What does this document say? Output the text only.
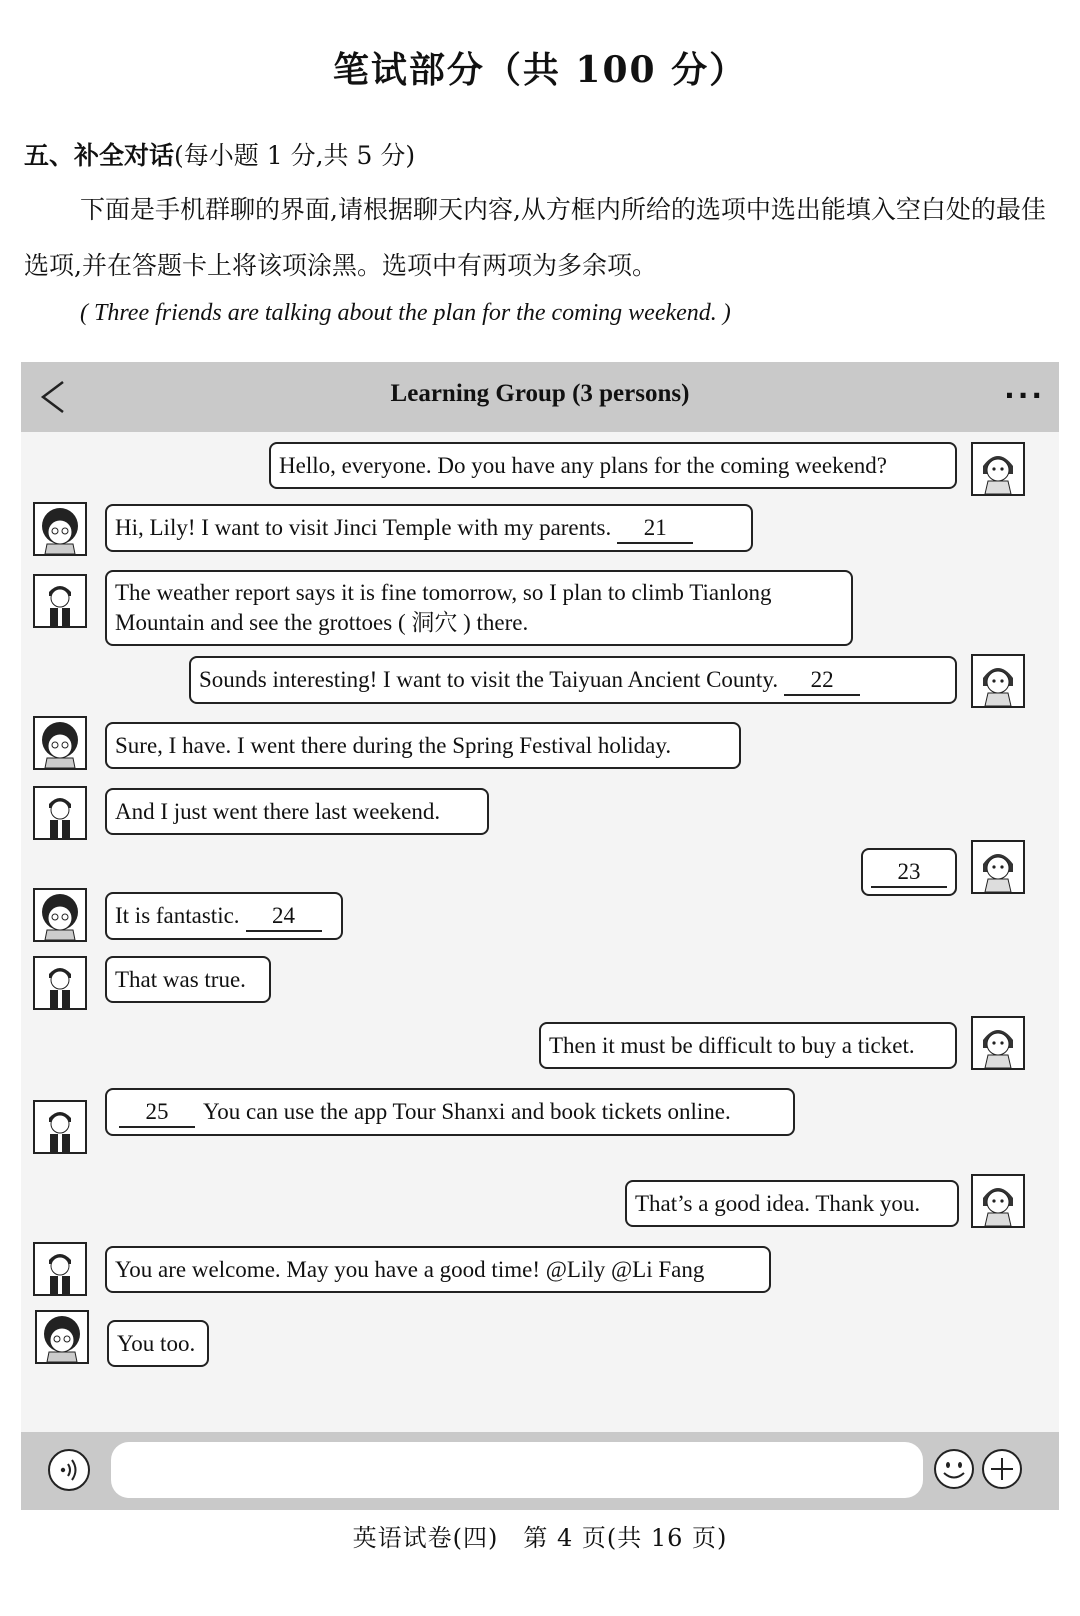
笔试部分（共 100 分）
五、补全对话(每小题 1 分,共 5 分)

下面是手机群聊的界面,请根据聊天内容,从方框内所给的选项中选出能填入空白处的最佳选项,并在答题卡上将该项涂黑。选项中有两项为多余项。

( Three friends are talking about the plan for the coming weekend. )
Learning Group (3 persons)	···
Hello, everyone. Do you have any plans for the coming weekend?
Hi, Lily! I want to visit Jinci Temple with my parents. 21
The weather report says it is fine tomorrow, so I plan to climb Tianlong
Mountain and see the grottoes ( 洞穴 ) there.
Sounds interesting! I want to visit the Taiyuan Ancient County. 22
Sure, I have. I went there during the Spring Festival holiday.
And I just went there last weekend.
23
It is fantastic. 24
That was true.
Then it must be difficult to buy a ticket.
25 You can use the app Tour Shanxi and book tickets online.
That’s a good idea. Thank you.
You are welcome. May you have a good time! @Lily @Li Fang
You too.
英语试卷(四)　第 4 页(共 16 页)
